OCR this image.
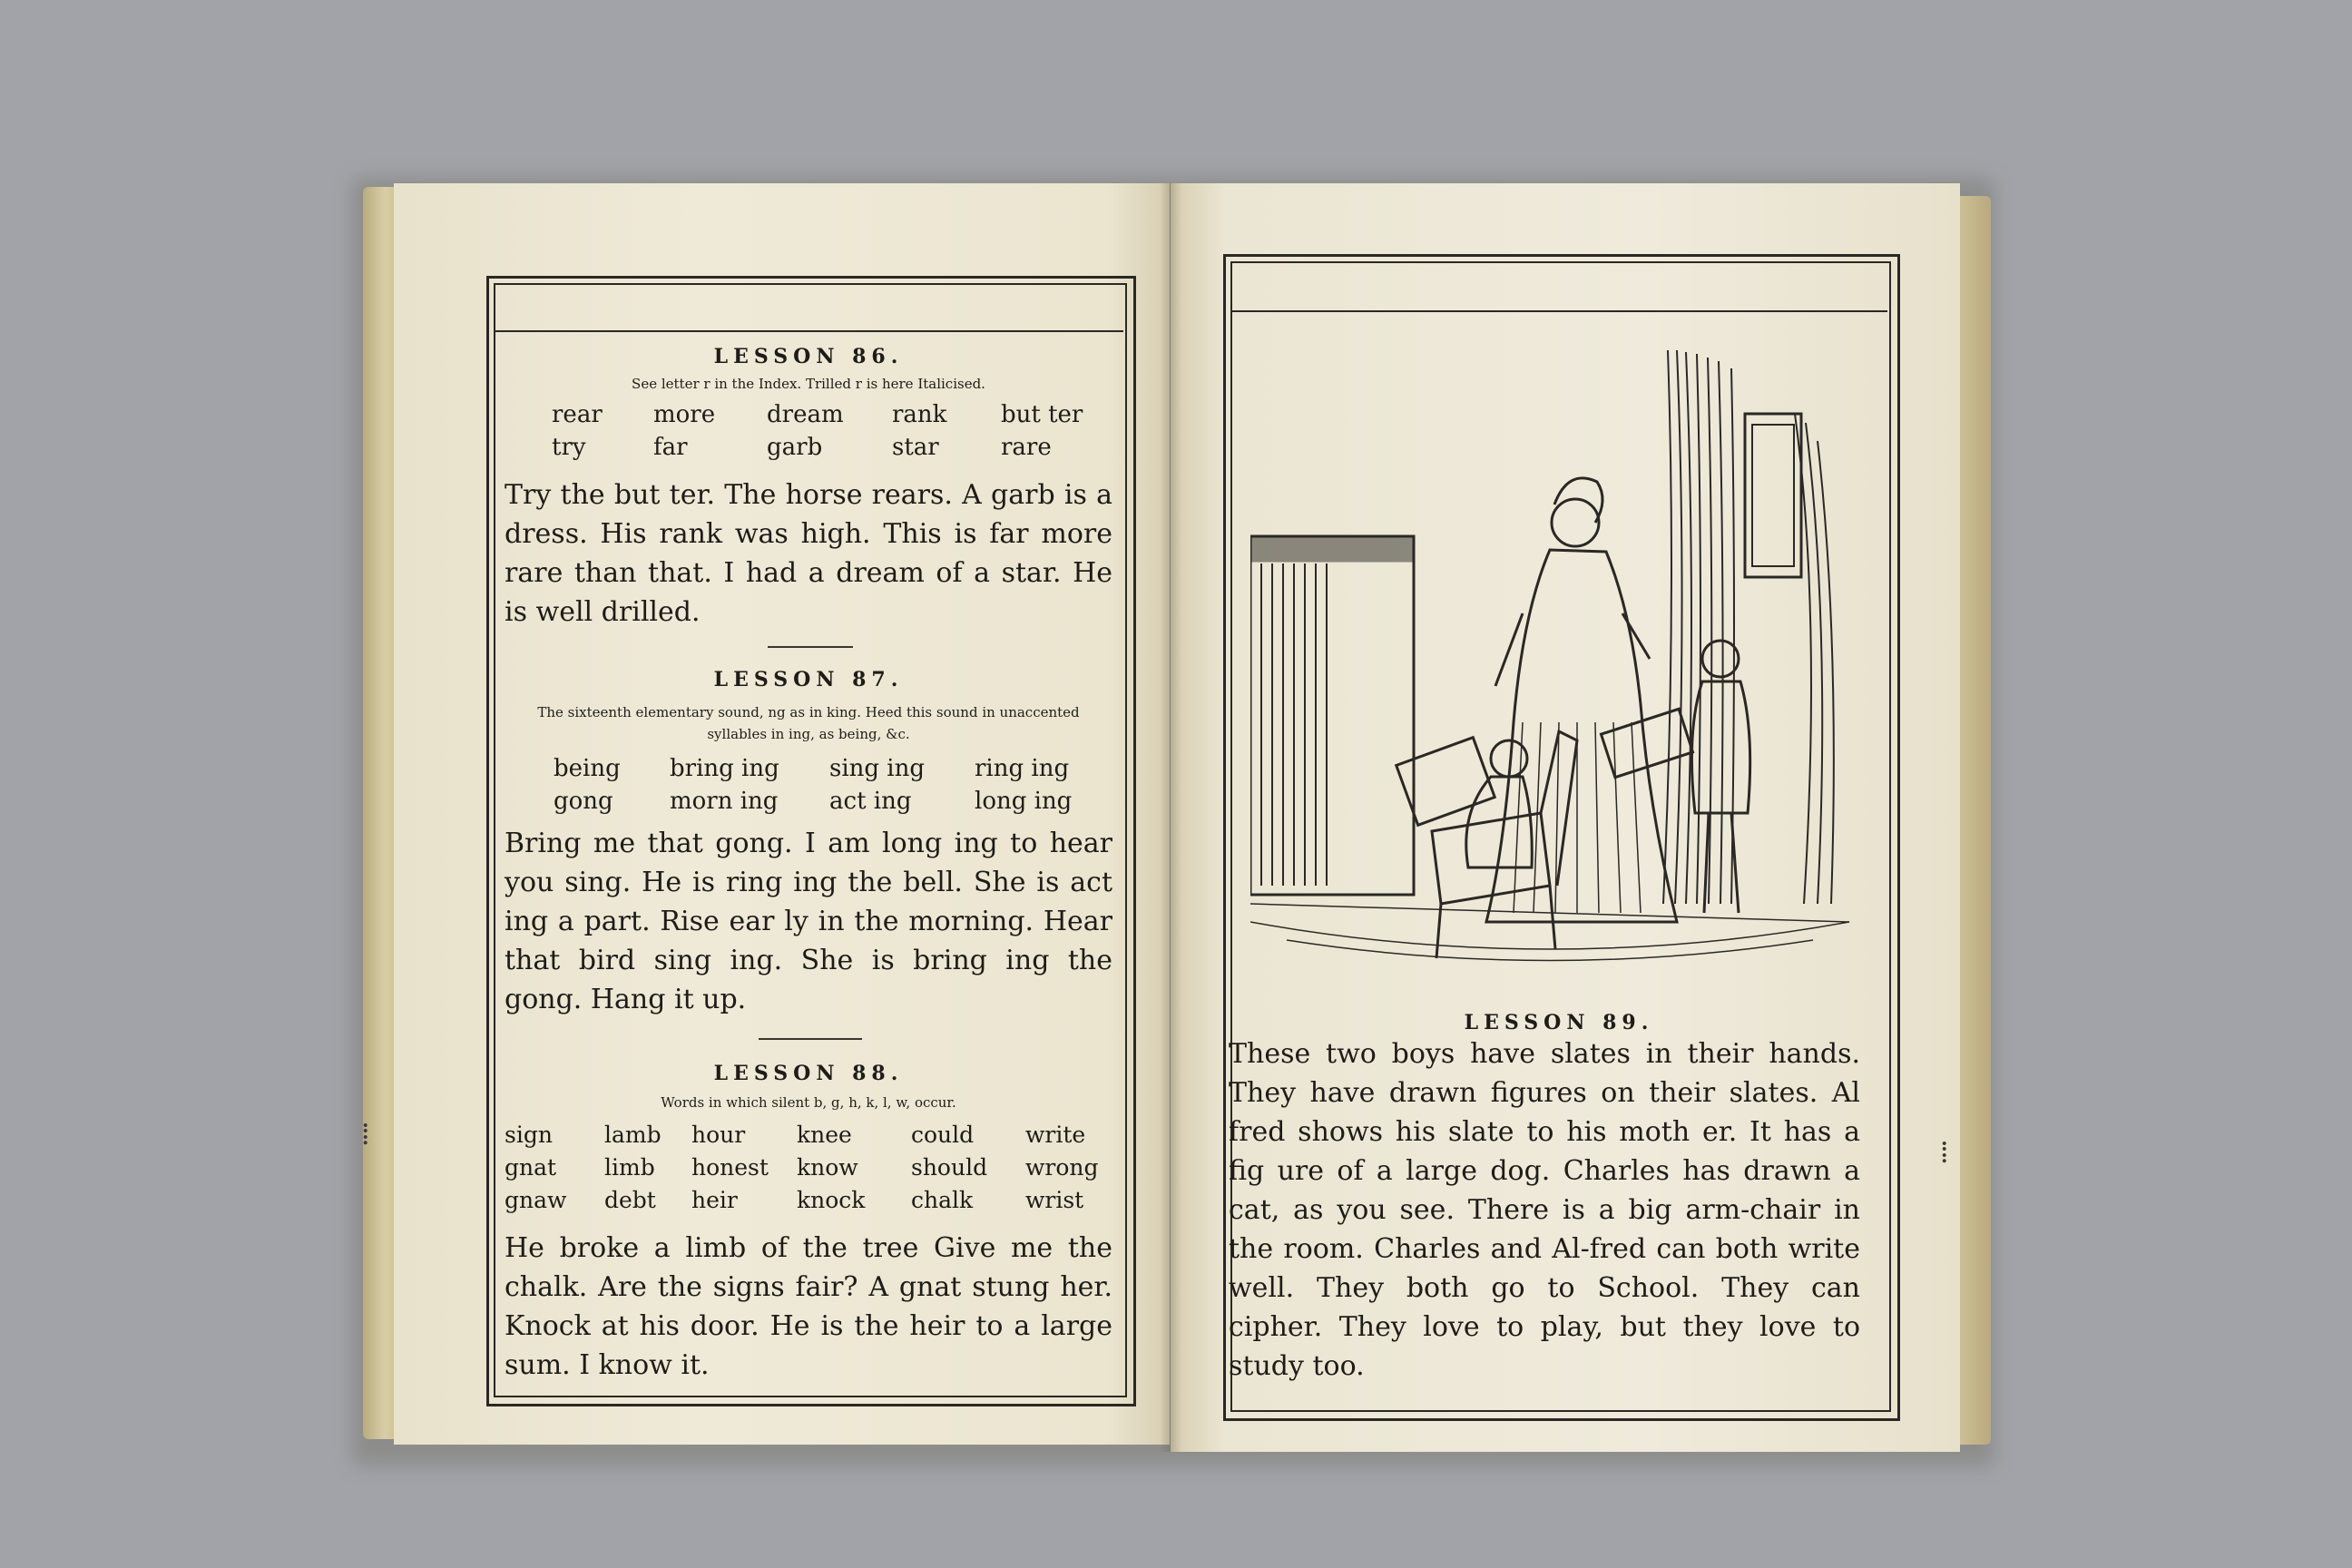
⁞	⁞
LESSON 86.
See letter r in the Index. Trilled r is here Italicised.
rear	more	dream	rank	but ter
try	far	garb	star	rare
Try the but ter. The horse rears. A garb is a dress. His rank was high. This is far more rare than that. I had a dream of a star. He is well drilled.
LESSON 87.
The sixteenth elementary sound, ng as in king. Heed this sound in unaccented
syllables in ing, as being, &c.
being	bring ing	sing ing	ring ing
gong	morn ing	act ing	long ing
Bring me that gong. I am long ing to hear you sing. He is ring ing the bell. She is act ing a part. Rise ear ly in the morning. Hear that bird sing ing. She is bring ing the gong. Hang it up.
LESSON 88.
Words in which silent b, g, h, k, l, w, occur.
sign	lamb	hour	knee	could	write
gnat	limb	honest	know	should	wrong
gnaw	debt	heir	knock	chalk	wrist
He broke a limb of the tree Give me the chalk. Are the signs fair? A gnat stung her. Knock at his door. He is the heir to a large sum. I know it.
LESSON 89.
These two boys have slates in their hands. They have drawn figures on their slates. Al fred shows his slate to his moth er. It has a fig ure of a large dog. Charles has drawn a cat, as you see. There is a big arm-chair in the room. Charles and Al-fred can both write well. They both go to School. They can cipher. They love to play, but they love to study too.
